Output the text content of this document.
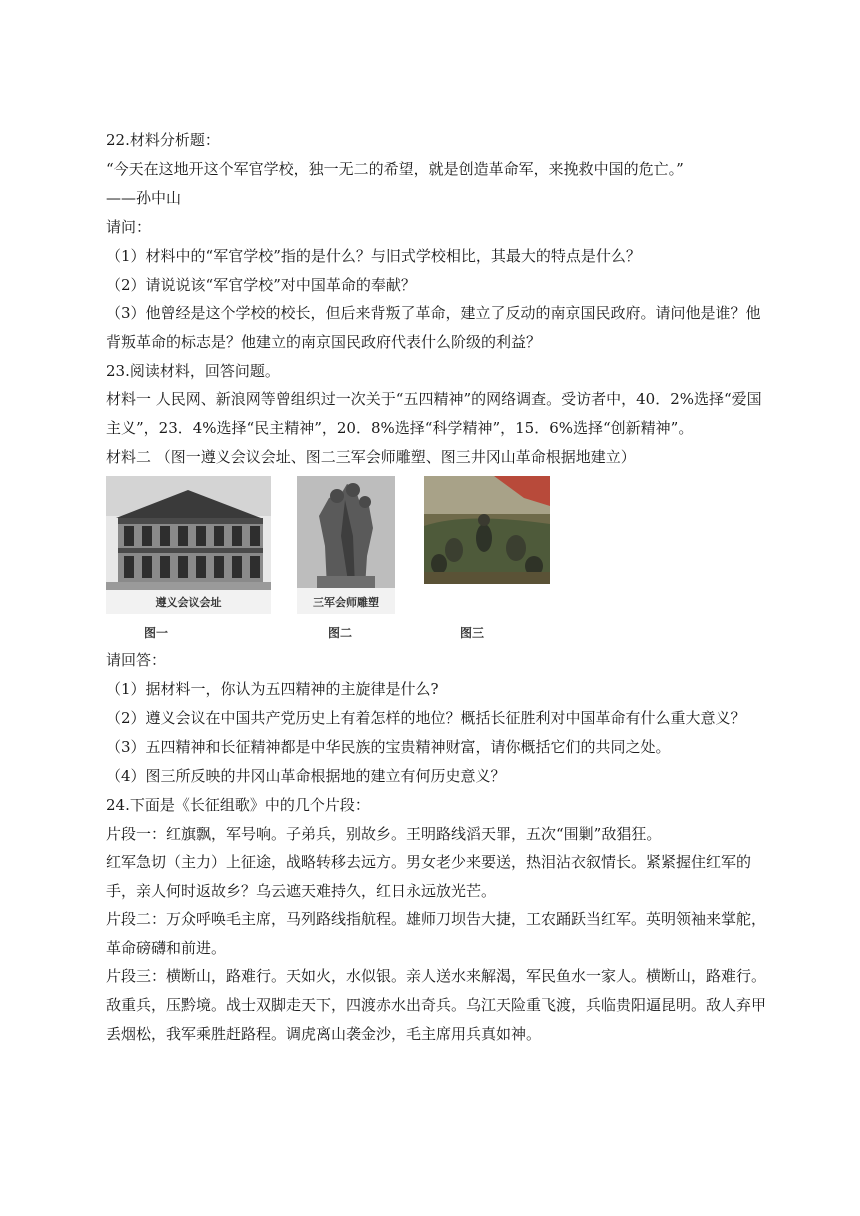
22.材料分析题：
“今天在这地开这个军官学校，独一无二的希望，就是创造革命军，来挽救中国的危亡。”
——孙中山
请问：
（1）材料中的“军官学校”指的是什么？与旧式学校相比，其最大的特点是什么？
（2）请说说该“军官学校”对中国革命的奉献？
（3）他曾经是这个学校的校长，但后来背叛了革命，建立了反动的南京国民政府。请问他是谁？他背叛革命的标志是？他建立的南京国民政府代表什么阶级的利益？
23.阅读材料，回答问题。
材料一 人民网、新浪网等曾组织过一次关于“五四精神”的网络调查。受访者中，40．2%选择“爱国主义”，23．4%选择“民主精神”，20．8%选择“科学精神”，15．6%选择“创新精神”。
材料二 （图一遵义会议会址、图二三军会师雕塑、图三井冈山革命根据地建立）
遵义会议会址
图一
三军会师雕塑
图二	图三
请回答：
（1）据材料一，你认为五四精神的主旋律是什么?
（2）遵义会议在中国共产党历史上有着怎样的地位？概括长征胜利对中国革命有什么重大意义？
（3）五四精神和长征精神都是中华民族的宝贵精神财富，请你概括它们的共同之处。
（4）图三所反映的井冈山革命根据地的建立有何历史意义？
24.下面是《长征组歌》中的几个片段：
片段一：红旗飘，军号响。子弟兵，别故乡。王明路线滔天罪，五次“围剿”敌猖狂。
红军急切（主力）上征途，战略转移去远方。男女老少来要送，热泪沾衣叙情长。紧紧握住红军的手，亲人何时返故乡？乌云遮天难持久，红日永远放光芒。
片段二：万众呼唤毛主席，马列路线指航程。雄师刀坝告大捷，工农踊跃当红军。英明领袖来掌舵，革命磅礴和前进。
片段三：横断山，路难行。天如火，水似银。亲人送水来解渴，军民鱼水一家人。横断山，路难行。敌重兵，压黔境。战士双脚走天下，四渡赤水出奇兵。乌江天险重飞渡，兵临贵阳逼昆明。敌人弃甲丢烟松，我军乘胜赶路程。调虎离山袭金沙，毛主席用兵真如神。
